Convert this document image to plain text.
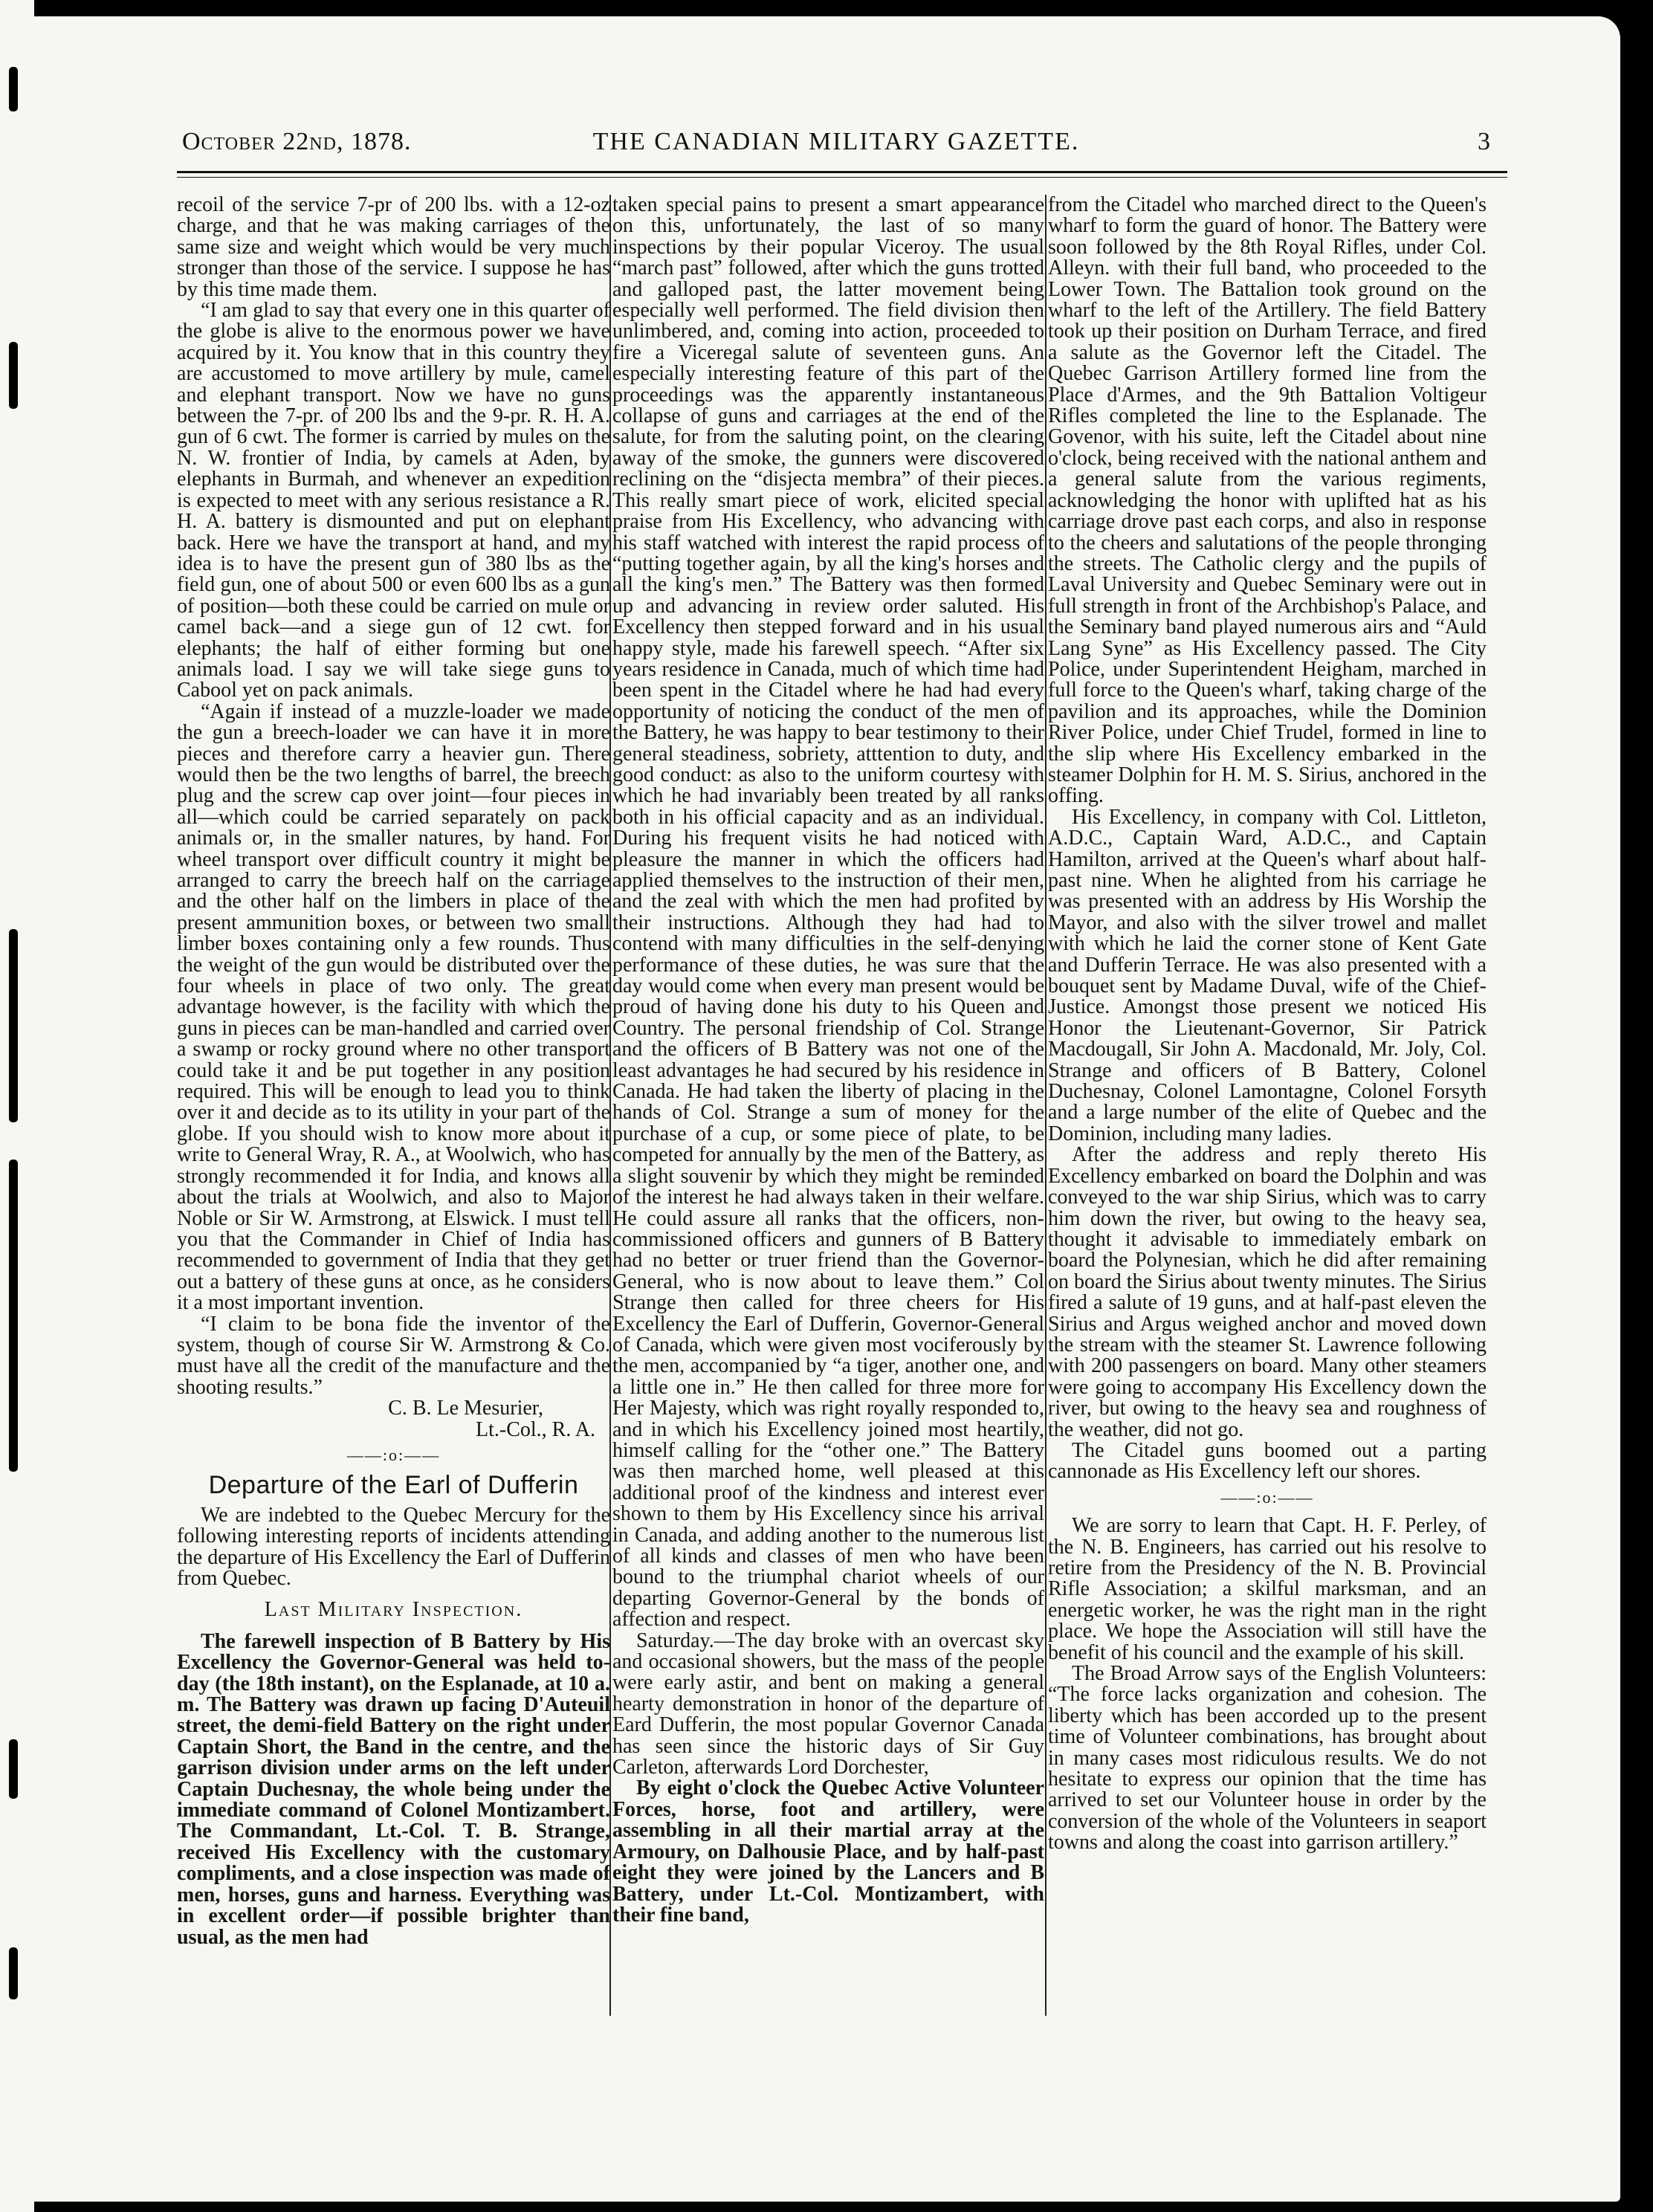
October 22nd, 1878.	THE CANADIAN MILITARY GAZETTE.	3

recoil of the service 7-pr of 200 lbs. with a 12-oz charge, and that he was making carriages of the same size and weight which would be very much stronger than those of the service. I suppose he has by this time made them.

“I am glad to say that every one in this quarter of the globe is alive to the enormous power we have acquired by it. You know that in this country they are accustomed to move artillery by mule, camel and elephant transport. Now we have no guns between the 7-pr. of 200 lbs and the 9-pr. R. H. A. gun of 6 cwt. The former is carried by mules on the N. W. frontier of India, by camels at Aden, by elephants in Burmah, and whenever an expedition is expected to meet with any serious resistance a R. H. A. battery is dismounted and put on elephant back. Here we have the transport at hand, and my idea is to have the present gun of 380 lbs as the field gun, one of about 500 or even 600 lbs as a gun of position—both these could be carried on mule or camel back—and a siege gun of 12 cwt. for elephants; the half of either forming but one animals load. I say we will take siege guns to Cabool yet on pack animals.

“Again if instead of a muzzle-loader we made the gun a breech-loader we can have it in more pieces and therefore carry a heavier gun. There would then be the two lengths of barrel, the breech plug and the screw cap over joint—four pieces in all—which could be carried separately on pack animals or, in the smaller natures, by hand. For wheel transport over difficult country it might be arranged to carry the breech half on the carriage and the other half on the limbers in place of the present ammunition boxes, or between two small limber boxes containing only a few rounds. Thus the weight of the gun would be distributed over the four wheels in place of two only. The great advantage however, is the facility with which the guns in pieces can be man-handled and carried over a swamp or rocky ground where no other transport could take it and be put together in any position required. This will be enough to lead you to think over it and decide as to its utility in your part of the globe. If you should wish to know more about it write to General Wray, R. A., at Woolwich, who has strongly recommended it for India, and knows all about the trials at Woolwich, and also to Major Noble or Sir W. Armstrong, at Elswick. I must tell you that the Commander in Chief of India has recommended to government of India that they get out a battery of these guns at once, as he considers it a most important invention.

“I claim to be bona fide the inventor of the system, though of course Sir W. Armstrong & Co. must have all the credit of the manufacture and the shooting results.”

C. B. Le Mesurier,

Lt.-Col., R. A.

——:o:——
Departure of the Earl of Dufferin

We are indebted to the Quebec Mercury for the following interesting reports of incidents attending the departure of His Excellency the Earl of Dufferin from Quebec.

Last Military Inspection.

The farewell inspection of B Battery by His Excellency the Governor-General was held to-day (the 18th instant), on the Esplanade, at 10 a. m. The Battery was drawn up facing D'Auteuil street, the demi-field Battery on the right under Captain Short, the Band in the centre, and the garrison division under arms on the left under Captain Duchesnay, the whole being under the immediate command of Colonel Montizambert. The Commandant, Lt.-Col. T. B. Strange, received His Excellency with the customary compliments, and a close inspection was made of men, horses, guns and harness. Everything was in excellent order—if possible brighter than usual, as the men had

taken special pains to present a smart appearance on this, unfortunately, the last of so many inspections by their popular Viceroy. The usual “march past” followed, after which the guns trotted and galloped past, the latter movement being especially well performed. The field division then unlimbered, and, coming into action, proceeded to fire a Viceregal salute of seventeen guns. An especially interesting feature of this part of the proceedings was the apparently instantaneous collapse of guns and carriages at the end of the salute, for from the saluting point, on the clearing away of the smoke, the gunners were discovered reclining on the “disjecta membra” of their pieces. This really smart piece of work, elicited special praise from His Excellency, who advancing with his staff watched with interest the rapid process of “putting together again, by all the king's horses and all the king's men.” The Battery was then formed up and advancing in review order saluted. His Excellency then stepped forward and in his usual happy style, made his farewell speech. “After six years residence in Canada, much of which time had been spent in the Citadel where he had had every opportunity of noticing the conduct of the men of the Battery, he was happy to bear testimony to their general steadiness, sobriety, atttention to duty, and good conduct: as also to the uniform courtesy with which he had invariably been treated by all ranks both in his official capacity and as an individual. During his frequent visits he had noticed with pleasure the manner in which the officers had applied themselves to the instruction of their men, and the zeal with which the men had profited by their instructions. Although they had had to contend with many difficulties in the self-denying performance of these duties, he was sure that the day would come when every man present would be proud of having done his duty to his Queen and Country. The personal friendship of Col. Strange and the officers of B Battery was not one of the least advantages he had secured by his residence in Canada. He had taken the liberty of placing in the hands of Col. Strange a sum of money for the purchase of a cup, or some piece of plate, to be competed for annually by the men of the Battery, as a slight souvenir by which they might be reminded of the interest he had always taken in their welfare. He could assure all ranks that the officers, non-commissioned officers and gunners of B Battery had no better or truer friend than the Governor-General, who is now about to leave them.” Col Strange then called for three cheers for His Excellency the Earl of Dufferin, Governor-General of Canada, which were given most vociferously by the men, accompanied by “a tiger, another one, and a little one in.” He then called for three more for Her Majesty, which was right royally responded to, and in which his Excellency joined most heartily, himself calling for the “other one.” The Battery was then marched home, well pleased at this additional proof of the kindness and interest ever shown to them by His Excellency since his arrival in Canada, and adding another to the numerous list of all kinds and classes of men who have been bound to the triumphal chariot wheels of our departing Governor-General by the bonds of affection and respect.

Saturday.—The day broke with an overcast sky and occasional showers, but the mass of the people were early astir, and bent on making a general hearty demonstration in honor of the departure of Eard Dufferin, the most popular Governor Canada has seen since the historic days of Sir Guy Carleton, afterwards Lord Dorchester,

By eight o'clock the Quebec Active Volunteer Forces, horse, foot and artillery, were assembling in all their martial array at the Armoury, on Dalhousie Place, and by half-past eight they were joined by the Lancers and B Battery, under Lt.-Col. Montizambert, with their fine band,

from the Citadel who marched direct to the Queen's wharf to form the guard of honor. The Battery were soon followed by the 8th Royal Rifles, under Col. Alleyn. with their full band, who proceeded to the Lower Town. The Battalion took ground on the wharf to the left of the Artillery. The field Battery took up their position on Durham Terrace, and fired a salute as the Governor left the Citadel. The Quebec Garrison Artillery formed line from the Place d'Armes, and the 9th Battalion Voltigeur Rifles completed the line to the Esplanade. The Govenor, with his suite, left the Citadel about nine o'clock, being received with the national anthem and a general salute from the various regiments, acknowledging the honor with uplifted hat as his carriage drove past each corps, and also in response to the cheers and salutations of the people thronging the streets. The Catholic clergy and the pupils of Laval University and Quebec Seminary were out in full strength in front of the Archbishop's Palace, and the Seminary band played numerous airs and “Auld Lang Syne” as His Excellency passed. The City Police, under Superintendent Heigham, marched in full force to the Queen's wharf, taking charge of the pavilion and its approaches, while the Dominion River Police, under Chief Trudel, formed in line to the slip where His Excellency embarked in the steamer Dolphin for H. M. S. Sirius, anchored in the offing.

His Excellency, in company with Col. Littleton, A.D.C., Captain Ward, A.D.C., and Captain Hamilton, arrived at the Queen's wharf about half-past nine. When he alighted from his carriage he was presented with an address by His Worship the Mayor, and also with the silver trowel and mallet with which he laid the corner stone of Kent Gate and Dufferin Terrace. He was also presented with a bouquet sent by Madame Duval, wife of the Chief-Justice. Amongst those present we noticed His Honor the Lieutenant-Governor, Sir Patrick Macdougall, Sir John A. Macdonald, Mr. Joly, Col. Strange and officers of B Battery, Colonel Duchesnay, Colonel Lamontagne, Colonel Forsyth and a large number of the elite of Quebec and the Dominion, including many ladies.

After the address and reply thereto His Excellency embarked on board the Dolphin and was conveyed to the war ship Sirius, which was to carry him down the river, but owing to the heavy sea, thought it advisable to immediately embark on board the Polynesian, which he did after remaining on board the Sirius about twenty minutes. The Sirius fired a salute of 19 guns, and at half-past eleven the Sirius and Argus weighed anchor and moved down the stream with the steamer St. Lawrence following with 200 passengers on board. Many other steamers were going to accompany His Excellency down the river, but owing to the heavy sea and roughness of the weather, did not go.

The Citadel guns boomed out a parting cannonade as His Excellency left our shores.

——:o:——

We are sorry to learn that Capt. H. F. Perley, of the N. B. Engineers, has carried out his resolve to retire from the Presidency of the N. B. Provincial Rifle Association; a skilful marksman, and an energetic worker, he was the right man in the right place. We hope the Association will still have the benefit of his council and the example of his skill.

The Broad Arrow says of the English Volunteers: “The force lacks organization and cohesion. The liberty which has been accorded up to the present time of Volunteer combinations, has brought about in many cases most ridiculous results. We do not hesitate to express our opinion that the time has arrived to set our Volunteer house in order by the conversion of the whole of the Volunteers in seaport towns and along the coast into garrison artillery.”
